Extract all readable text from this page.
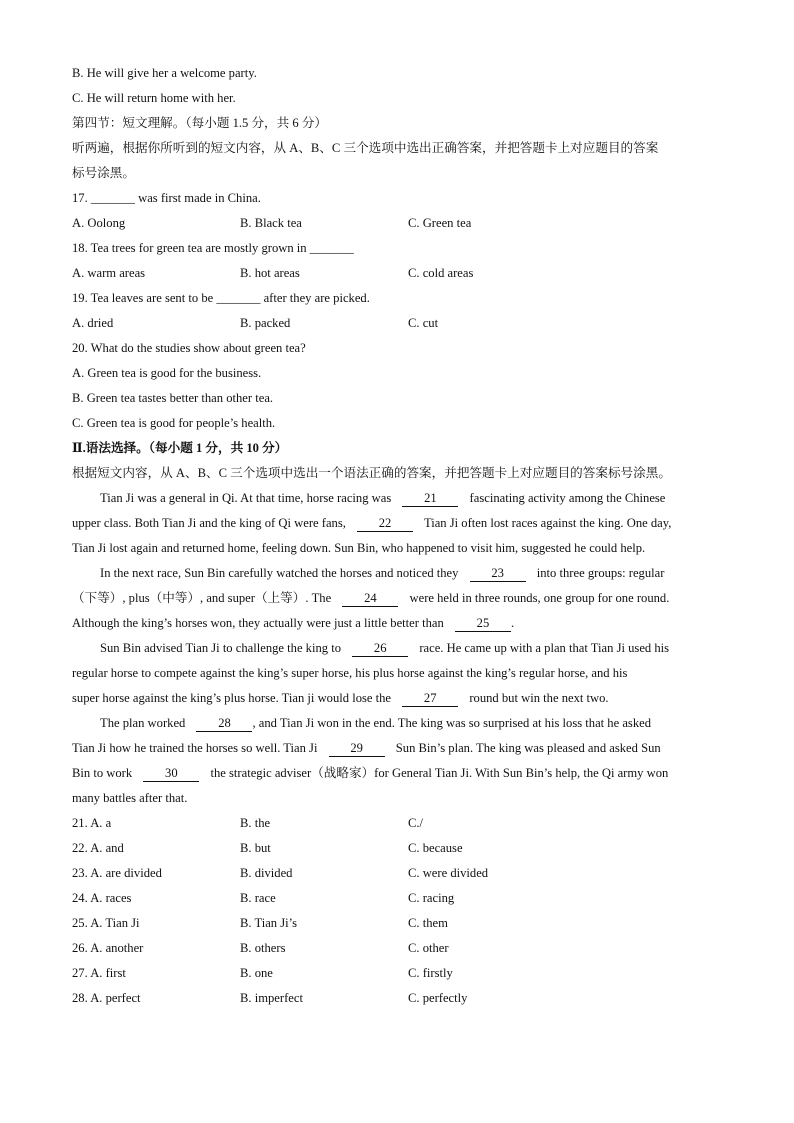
B. He will give her a welcome party.
C. He will return home with her.
第四节：短文理解。（每小题 1.5 分，共 6 分）
听两遍，根据你所听到的短文内容，从 A、B、C 三个选项中选出正确答案，并把答题卡上对应题目的答案
标号涂黑。
17. _______ was first made in China.
A. Oolong	B. Black tea	C. Green tea
18. Tea trees for green tea are mostly grown in _______
A. warm areas	B. hot areas	C. cold areas
19. Tea leaves are sent to be _______ after they are picked.
A. dried	B. packed	C. cut
20. What do the studies show about green tea?
A. Green tea is good for the business.
B. Green tea tastes better than other tea.
C. Green tea is good for people’s health.
Ⅱ.语法选择。（每小题 1 分，共 10 分）
根据短文内容，从 A、B、C 三个选项中选出一个语法正确的答案，并把答题卡上对应题目的答案标号涂黑。
Tian Ji was a general in Qi. At that time, horse racing was	21	fascinating activity among the Chinese
upper class. Both Tian Ji and the king of Qi were fans,	22	Tian Ji often lost races against the king. One day,
Tian Ji lost again and returned home, feeling down. Sun Bin, who happened to visit him, suggested he could help.
In the next race, Sun Bin carefully watched the horses and noticed they	23	into three groups: regular
（下等）, plus（中等）, and super（上等）. The	24	were held in three rounds, one group for one round.
Although the king’s horses won, they actually were just a little better than	25 .
Sun Bin advised Tian Ji to challenge the king to	26	race. He came up with a plan that Tian Ji used his
regular horse to compete against the king’s super horse, his plus horse against the king’s regular horse, and his
super horse against the king’s plus horse. Tian ji would lose the	27	round but win the next two.
The plan worked	28 , and Tian Ji won in the end. The king was so surprised at his loss that he asked
Tian Ji how he trained the horses so well. Tian Ji	29	Sun Bin’s plan. The king was pleased and asked Sun
Bin to work	30	the strategic adviser（战略家）for General Tian Ji. With Sun Bin’s help, the Qi army won
many battles after that.
21. A. a	B. the	C./
22. A. and	B. but	C. because
23. A. are divided	B. divided	C. were divided
24. A. races	B. race	C. racing
25. A. Tian Ji	B. Tian Ji’s	C. them
26. A. another	B. others	C. other
27. A. first	B. one	C. firstly
28. A. perfect	B. imperfect	C. perfectly
